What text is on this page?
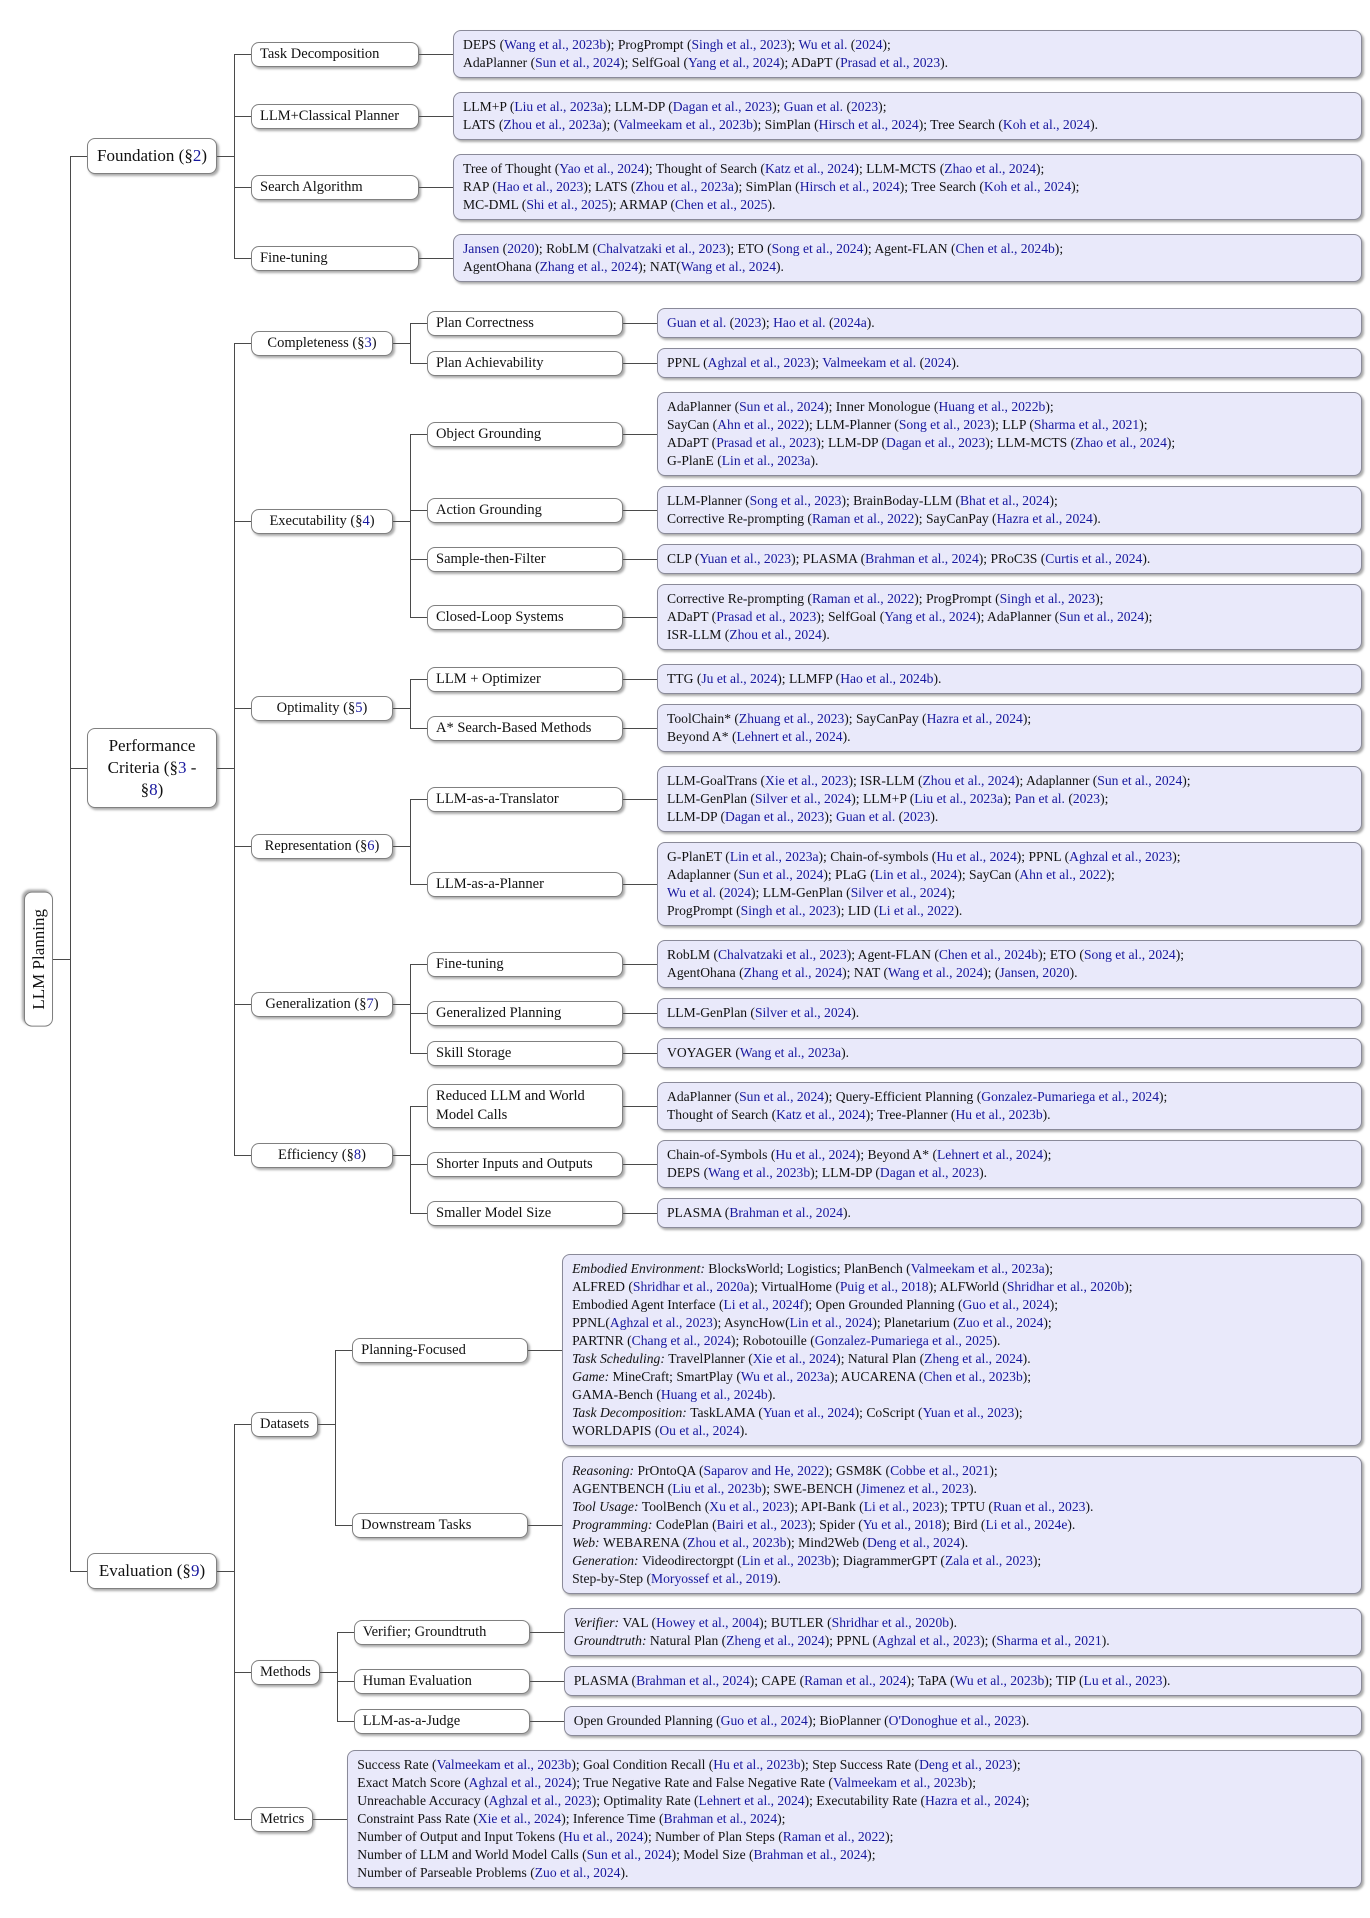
LLM Planning
Foundation (§2)
Task Decomposition
DEPS (Wang et al., 2023b); ProgPrompt (Singh et al., 2023); Wu et al. (2024);
AdaPlanner (Sun et al., 2024); SelfGoal (Yang et al., 2024); ADaPT (Prasad et al., 2023).
LLM+Classical Planner
LLM+P (Liu et al., 2023a); LLM-DP (Dagan et al., 2023); Guan et al. (2023);
LATS (Zhou et al., 2023a); (Valmeekam et al., 2023b); SimPlan (Hirsch et al., 2024); Tree Search (Koh et al., 2024).
Search Algorithm
Tree of Thought (Yao et al., 2024); Thought of Search (Katz et al., 2024); LLM-MCTS (Zhao et al., 2024);
RAP (Hao et al., 2023); LATS (Zhou et al., 2023a); SimPlan (Hirsch et al., 2024); Tree Search (Koh et al., 2024);
MC-DML (Shi et al., 2025); ARMAP (Chen et al., 2025).
Fine-tuning
Jansen (2020); RobLM (Chalvatzaki et al., 2023); ETO (Song et al., 2024); Agent-FLAN (Chen et al., 2024b);
AgentOhana (Zhang et al., 2024); NAT(Wang et al., 2024).
Performance Criteria (§3 - §8)
Completeness (§3)
Plan Correctness	Guan et al. (2023); Hao et al. (2024a).
Plan Achievability	PPNL (Aghzal et al., 2023); Valmeekam et al. (2024).
Executability (§4)
Object Grounding
AdaPlanner (Sun et al., 2024); Inner Monologue (Huang et al., 2022b);
SayCan (Ahn et al., 2022); LLM-Planner (Song et al., 2023); LLP (Sharma et al., 2021);
ADaPT (Prasad et al., 2023); LLM-DP (Dagan et al., 2023); LLM-MCTS (Zhao et al., 2024);
G-PlanE (Lin et al., 2023a).
Action Grounding
LLM-Planner (Song et al., 2023); BrainBoday-LLM (Bhat et al., 2024);
Corrective Re-prompting (Raman et al., 2022); SayCanPay (Hazra et al., 2024).
Sample-then-Filter	CLP (Yuan et al., 2023); PLASMA (Brahman et al., 2024); PRoC3S (Curtis et al., 2024).
Closed-Loop Systems
Corrective Re-prompting (Raman et al., 2022); ProgPrompt (Singh et al., 2023);
ADaPT (Prasad et al., 2023); SelfGoal (Yang et al., 2024); AdaPlanner (Sun et al., 2024);
ISR-LLM (Zhou et al., 2024).
Optimality (§5)
LLM + Optimizer	TTG (Ju et al., 2024); LLMFP (Hao et al., 2024b).
A* Search-Based Methods
ToolChain* (Zhuang et al., 2023); SayCanPay (Hazra et al., 2024);
Beyond A* (Lehnert et al., 2024).
Representation (§6)
LLM-as-a-Translator
LLM-GoalTrans (Xie et al., 2023); ISR-LLM (Zhou et al., 2024); Adaplanner (Sun et al., 2024);
LLM-GenPlan (Silver et al., 2024); LLM+P (Liu et al., 2023a); Pan et al. (2023);
LLM-DP (Dagan et al., 2023); Guan et al. (2023).
LLM-as-a-Planner
G-PlanET (Lin et al., 2023a); Chain-of-symbols (Hu et al., 2024); PPNL (Aghzal et al., 2023);
Adaplanner (Sun et al., 2024); PLaG (Lin et al., 2024); SayCan (Ahn et al., 2022);
Wu et al. (2024); LLM-GenPlan (Silver et al., 2024);
ProgPrompt (Singh et al., 2023); LID (Li et al., 2022).
Generalization (§7)
Fine-tuning
RobLM (Chalvatzaki et al., 2023); Agent-FLAN (Chen et al., 2024b); ETO (Song et al., 2024);
AgentOhana (Zhang et al., 2024); NAT (Wang et al., 2024); (Jansen, 2020).
Generalized Planning	LLM-GenPlan (Silver et al., 2024).
Skill Storage	VOYAGER (Wang et al., 2023a).
Efficiency (§8)
Reduced LLM and World Model Calls
AdaPlanner (Sun et al., 2024); Query-Efficient Planning (Gonzalez-Pumariega et al., 2024);
Thought of Search (Katz et al., 2024); Tree-Planner (Hu et al., 2023b).
Shorter Inputs and Outputs
Chain-of-Symbols (Hu et al., 2024); Beyond A* (Lehnert et al., 2024);
DEPS (Wang et al., 2023b); LLM-DP (Dagan et al., 2023).
Smaller Model Size	PLASMA (Brahman et al., 2024).
Evaluation (§9)
Datasets
Planning-Focused
Embodied Environment: BlocksWorld; Logistics; PlanBench (Valmeekam et al., 2023a);
ALFRED (Shridhar et al., 2020a); VirtualHome (Puig et al., 2018); ALFWorld (Shridhar et al., 2020b);
Embodied Agent Interface (Li et al., 2024f); Open Grounded Planning (Guo et al., 2024);
PPNL(Aghzal et al., 2023); AsyncHow(Lin et al., 2024); Planetarium (Zuo et al., 2024);
PARTNR (Chang et al., 2024); Robotouille (Gonzalez-Pumariega et al., 2025).
Task Scheduling: TravelPlanner (Xie et al., 2024); Natural Plan (Zheng et al., 2024).
Game: MineCraft; SmartPlay (Wu et al., 2023a); AUCARENA (Chen et al., 2023b);
GAMA-Bench (Huang et al., 2024b).
Task Decomposition: TaskLAMA (Yuan et al., 2024); CoScript (Yuan et al., 2023);
WORLDAPIS (Ou et al., 2024).
Downstream Tasks
Reasoning: PrOntoQA (Saparov and He, 2022); GSM8K (Cobbe et al., 2021);
AGENTBENCH (Liu et al., 2023b); SWE-BENCH (Jimenez et al., 2023).
Tool Usage: ToolBench (Xu et al., 2023); API-Bank (Li et al., 2023); TPTU (Ruan et al., 2023).
Programming: CodePlan (Bairi et al., 2023); Spider (Yu et al., 2018); Bird (Li et al., 2024e).
Web: WEBARENA (Zhou et al., 2023b); Mind2Web (Deng et al., 2024).
Generation: Videodirectorgpt (Lin et al., 2023b); DiagrammerGPT (Zala et al., 2023);
Step-by-Step (Moryossef et al., 2019).
Methods
Verifier; Groundtruth
Verifier: VAL (Howey et al., 2004); BUTLER (Shridhar et al., 2020b).
Groundtruth: Natural Plan (Zheng et al., 2024); PPNL (Aghzal et al., 2023); (Sharma et al., 2021).
Human Evaluation	PLASMA (Brahman et al., 2024); CAPE (Raman et al., 2024); TaPA (Wu et al., 2023b); TIP (Lu et al., 2023).
LLM-as-a-Judge	Open Grounded Planning (Guo et al., 2024); BioPlanner (O'Donoghue et al., 2023).
Metrics
Success Rate (Valmeekam et al., 2023b); Goal Condition Recall (Hu et al., 2023b); Step Success Rate (Deng et al., 2023);
Exact Match Score (Aghzal et al., 2024); True Negative Rate and False Negative Rate (Valmeekam et al., 2023b);
Unreachable Accuracy (Aghzal et al., 2023); Optimality Rate (Lehnert et al., 2024); Executability Rate (Hazra et al., 2024);
Constraint Pass Rate (Xie et al., 2024); Inference Time (Brahman et al., 2024);
Number of Output and Input Tokens (Hu et al., 2024); Number of Plan Steps (Raman et al., 2022);
Number of LLM and World Model Calls (Sun et al., 2024); Model Size (Brahman et al., 2024);
Number of Parseable Problems (Zuo et al., 2024).
